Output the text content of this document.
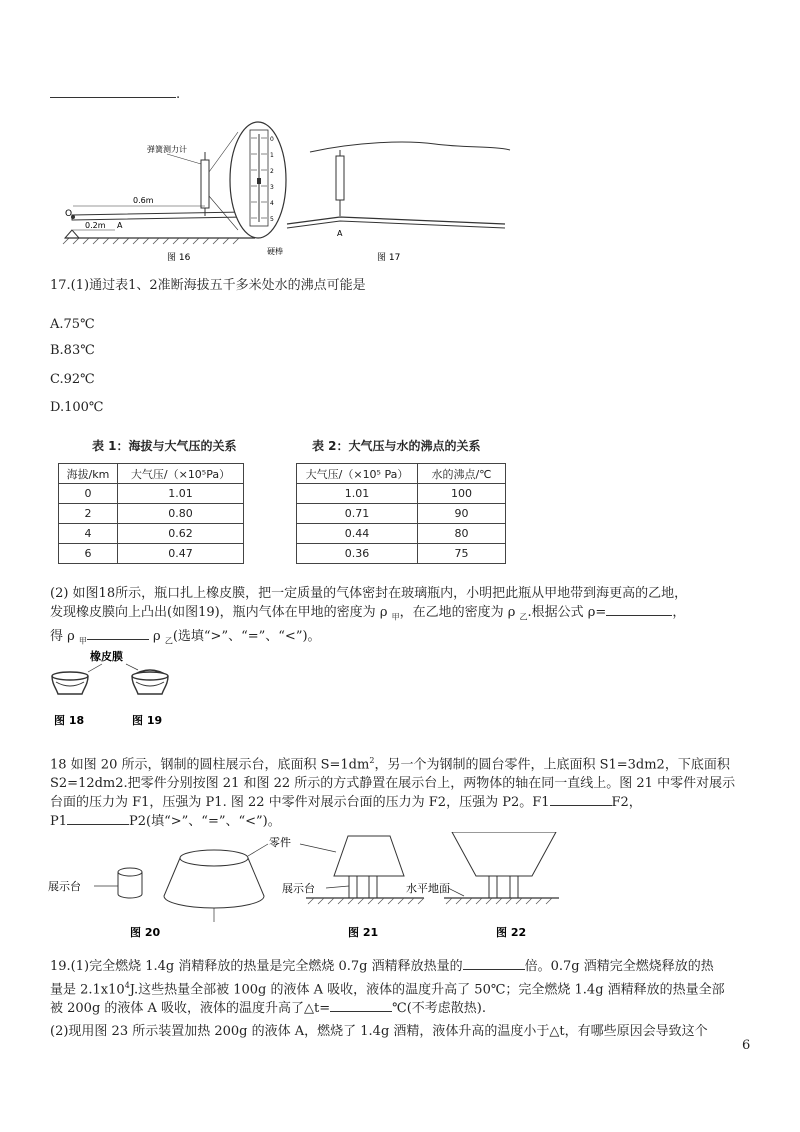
.
弹簧测力计
0.6m
0.2m
O
A
0
1
2
3
4
5
图 16
A
硬棒
图 17
17.(1)通过表1、2准断海拔五千多米处水的沸点可能是
A.75℃
B.83℃
C.92℃
D.100℃
表 1：海拔与大气压的关系
海拔/km	大气压/（×10⁵Pa）
0	1.01
2	0.80
4	0.62
6	0.47
表 2：大气压与水的沸点的关系
大气压/（×10⁵ Pa）	水的沸点/℃
1.01	100
0.71	90
0.44	80
0.36	75
(2) 如图18所示，瓶口扎上橡皮膜，把一定质量的气体密封在玻璃瓶内，小明把此瓶从甲地带到海更高的乙地，
发现橡皮膜向上凸出(如图19)，瓶内气体在甲地的密度为 ρ $_甲$，在乙地的密度为 ρ $_乙$.根据公式 ρ=	，
得 ρ $_甲$	ρ $_乙$(选填“>”、“=”、“<”)。
橡皮膜
图 18	图 19
18 如图 20 所示，钢制的圆柱展示台，底面积 $S=1dm^2$，另一个为钢制的圆台零件，上底面积 S1=3dm2，下底面积
S2=12dm2.把零件分别按图 21 和图 22 所示的方式静置在展示台上，两物体的轴在同一直线上。图 21 中零件对展示
台面的压力为 F1，压强为 P1. 图 22 中零件对展示台面的压力为 F2，压强为 P2。F1	F2，
P1	P2(填“>”、“=”、“<”)。
展示台
零件
图 20
展示台
图 21
水平地面
图 22
19.(1)完全燃烧 1.4g 消精释放的热量是完全燃烧 0.7g 酒精释放热量的	倍。0.7g 酒精完全燃烧释放的热
量是 $2.1x10^4J$.这些热量全部被 100g 的液体 A 吸收，液体的温度升高了 50℃；完全燃烧 1.4g 酒精释放的热量全部
被 200g 的液体 A 吸收，液体的温度升高了△t=	℃(不考虑散热).
(2)现用图 23 所示装置加热 200g 的液体 A，燃烧了 1.4g 酒精，液体升高的温度小于△t，有哪些原因会导致这个
6
